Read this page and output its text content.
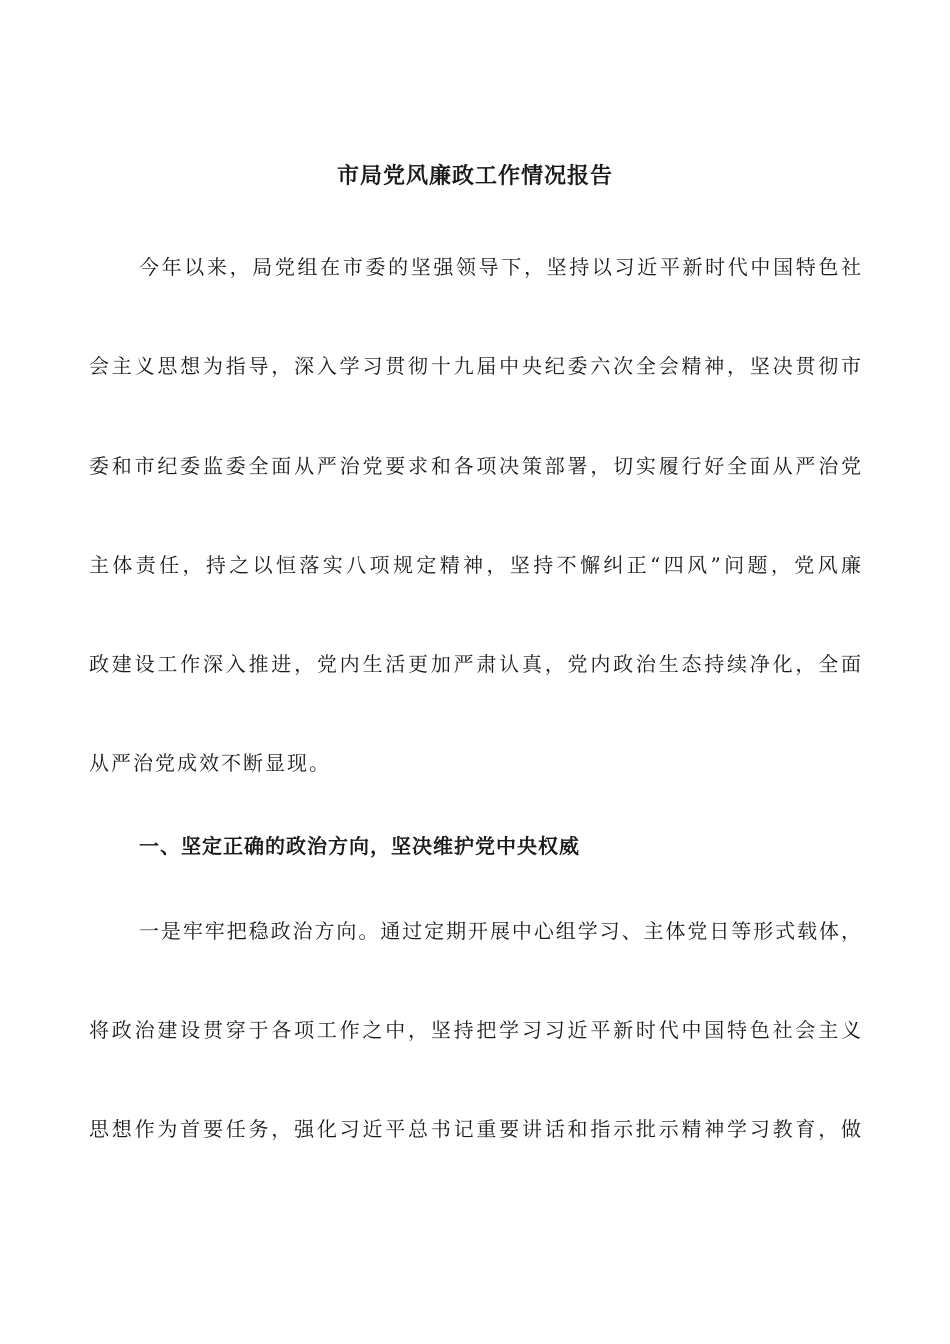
市局党风廉政工作情况报告
今年以来，局党组在市委的坚强领导下，坚持以习近平新时代中国特色社
会主义思想为指导，深入学习贯彻十九届中央纪委六次全会精神，坚决贯彻市
委和市纪委监委全面从严治党要求和各项决策部署，切实履行好全面从严治党
主体责任，持之以恒落实八项规定精神，坚持不懈纠正“四风”问题，党风廉
政建设工作深入推进，党内生活更加严肃认真，党内政治生态持续净化，全面
从严治党成效不断显现。
一、坚定正确的政治方向，坚决维护党中央权威
一是牢牢把稳政治方向。通过定期开展中心组学习、主体党日等形式载体，
将政治建设贯穿于各项工作之中，坚持把学习习近平新时代中国特色社会主义
思想作为首要任务，强化习近平总书记重要讲话和指示批示精神学习教育，做
